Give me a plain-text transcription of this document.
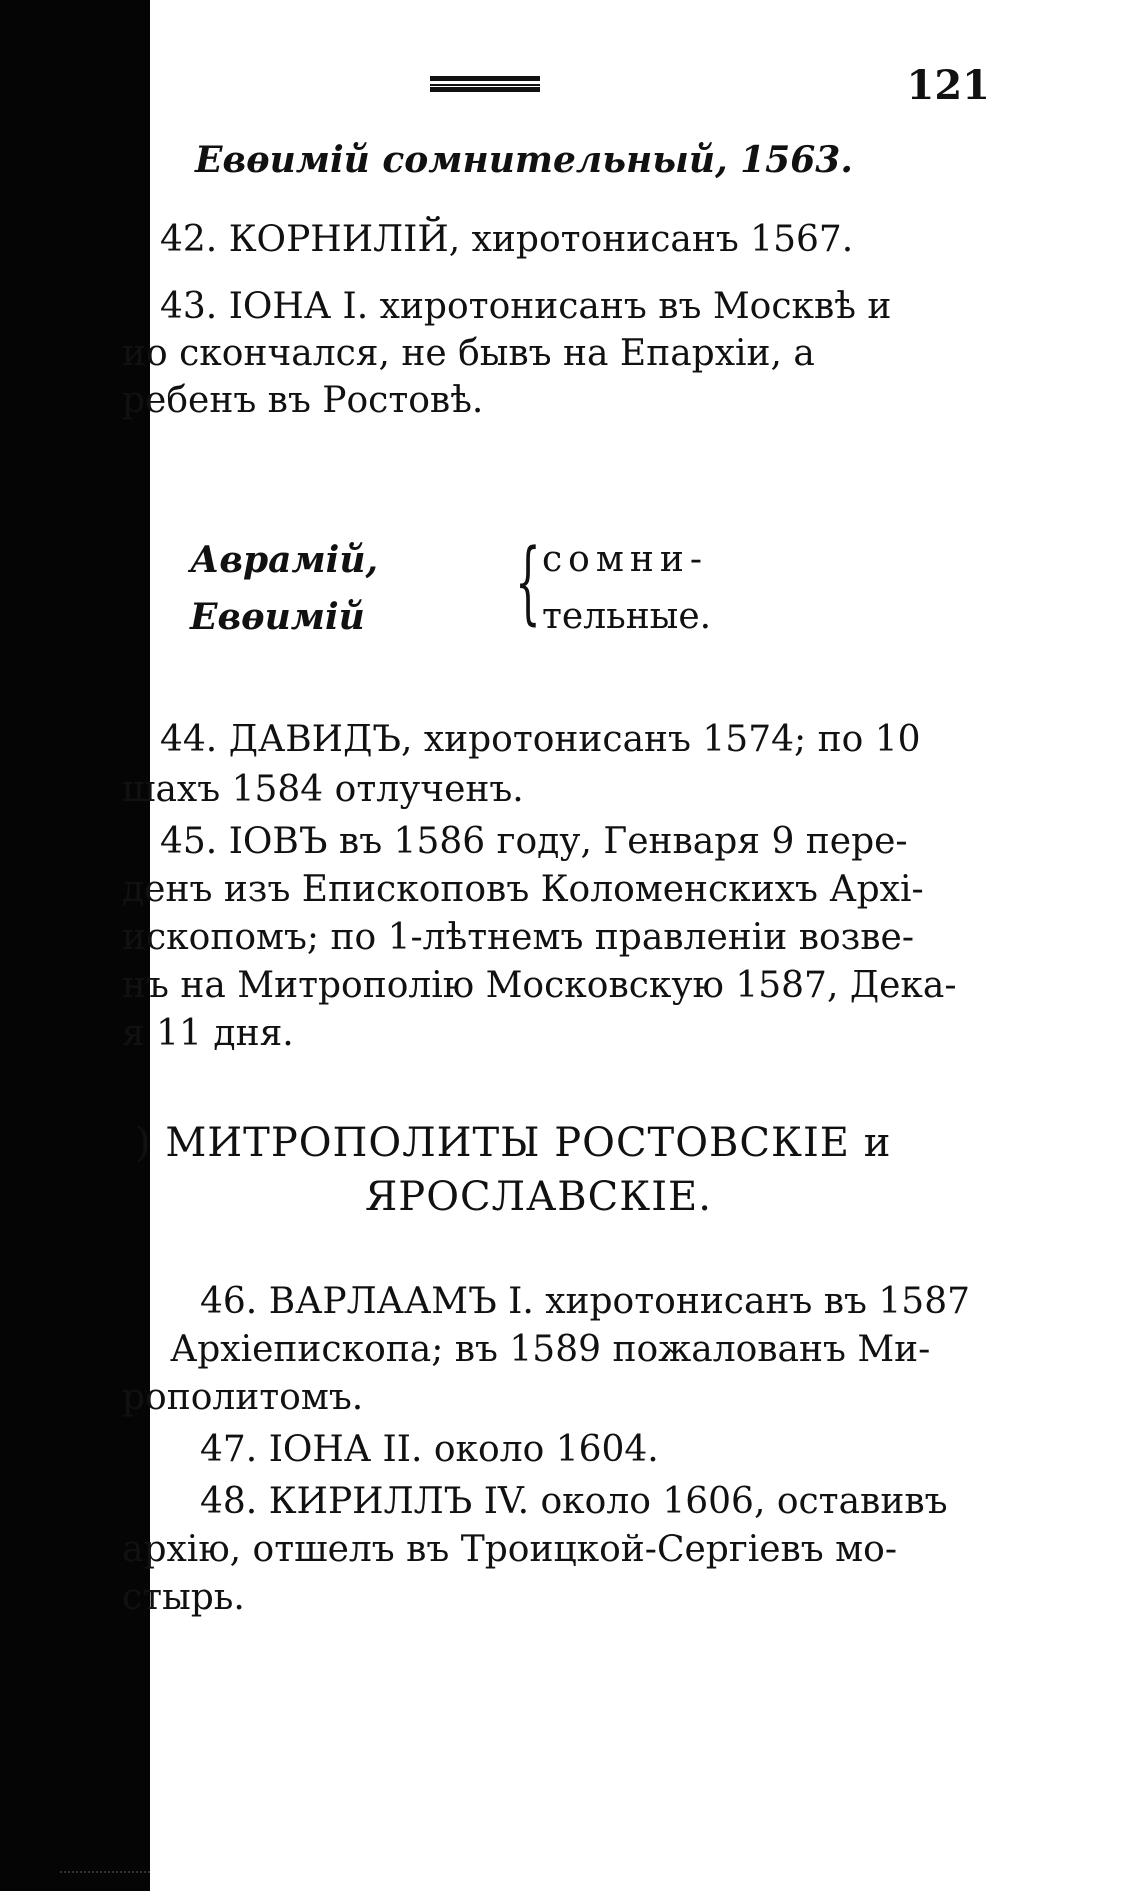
121
Евѳимій сомнительный, 1563.
42. КОРНИЛІЙ, хиротонисанъ 1567.
43. ІОНА I. хиротонисанъ въ Москвѣ и
ио скончался, не бывъ на Епархіи, а
ребенъ въ Ростовѣ.
Аврамій, { сомни-
Евѳимій	тельные.
44. ДАВИДЪ, хиротонисанъ 1574; по 10
шахъ 1584 отлученъ.
45. ІОВЪ въ 1586 году, Генваря 9 пере-
денъ изъ Епископовъ Коломенскихъ Архі-
ископомъ; по 1-лѣтнемъ правленіи возве-
нъ на Митрополію Московскую 1587, Дека-
я 11 дня.
) МИТРОПОЛИТЫ РОСТОВСКІЕ и
ЯРОСЛАВСКІЕ.
46. ВАРЛААМЪ I. хиротонисанъ въ 1587
Архіепископа; въ 1589 пожалованъ Ми-
рополитомъ.
47. ІОНА II. около 1604.
48. КИРИЛЛЪ IV. около 1606, оставивъ
архію, отшелъ въ Троицкой-Сергіевъ мо-
стырь.
